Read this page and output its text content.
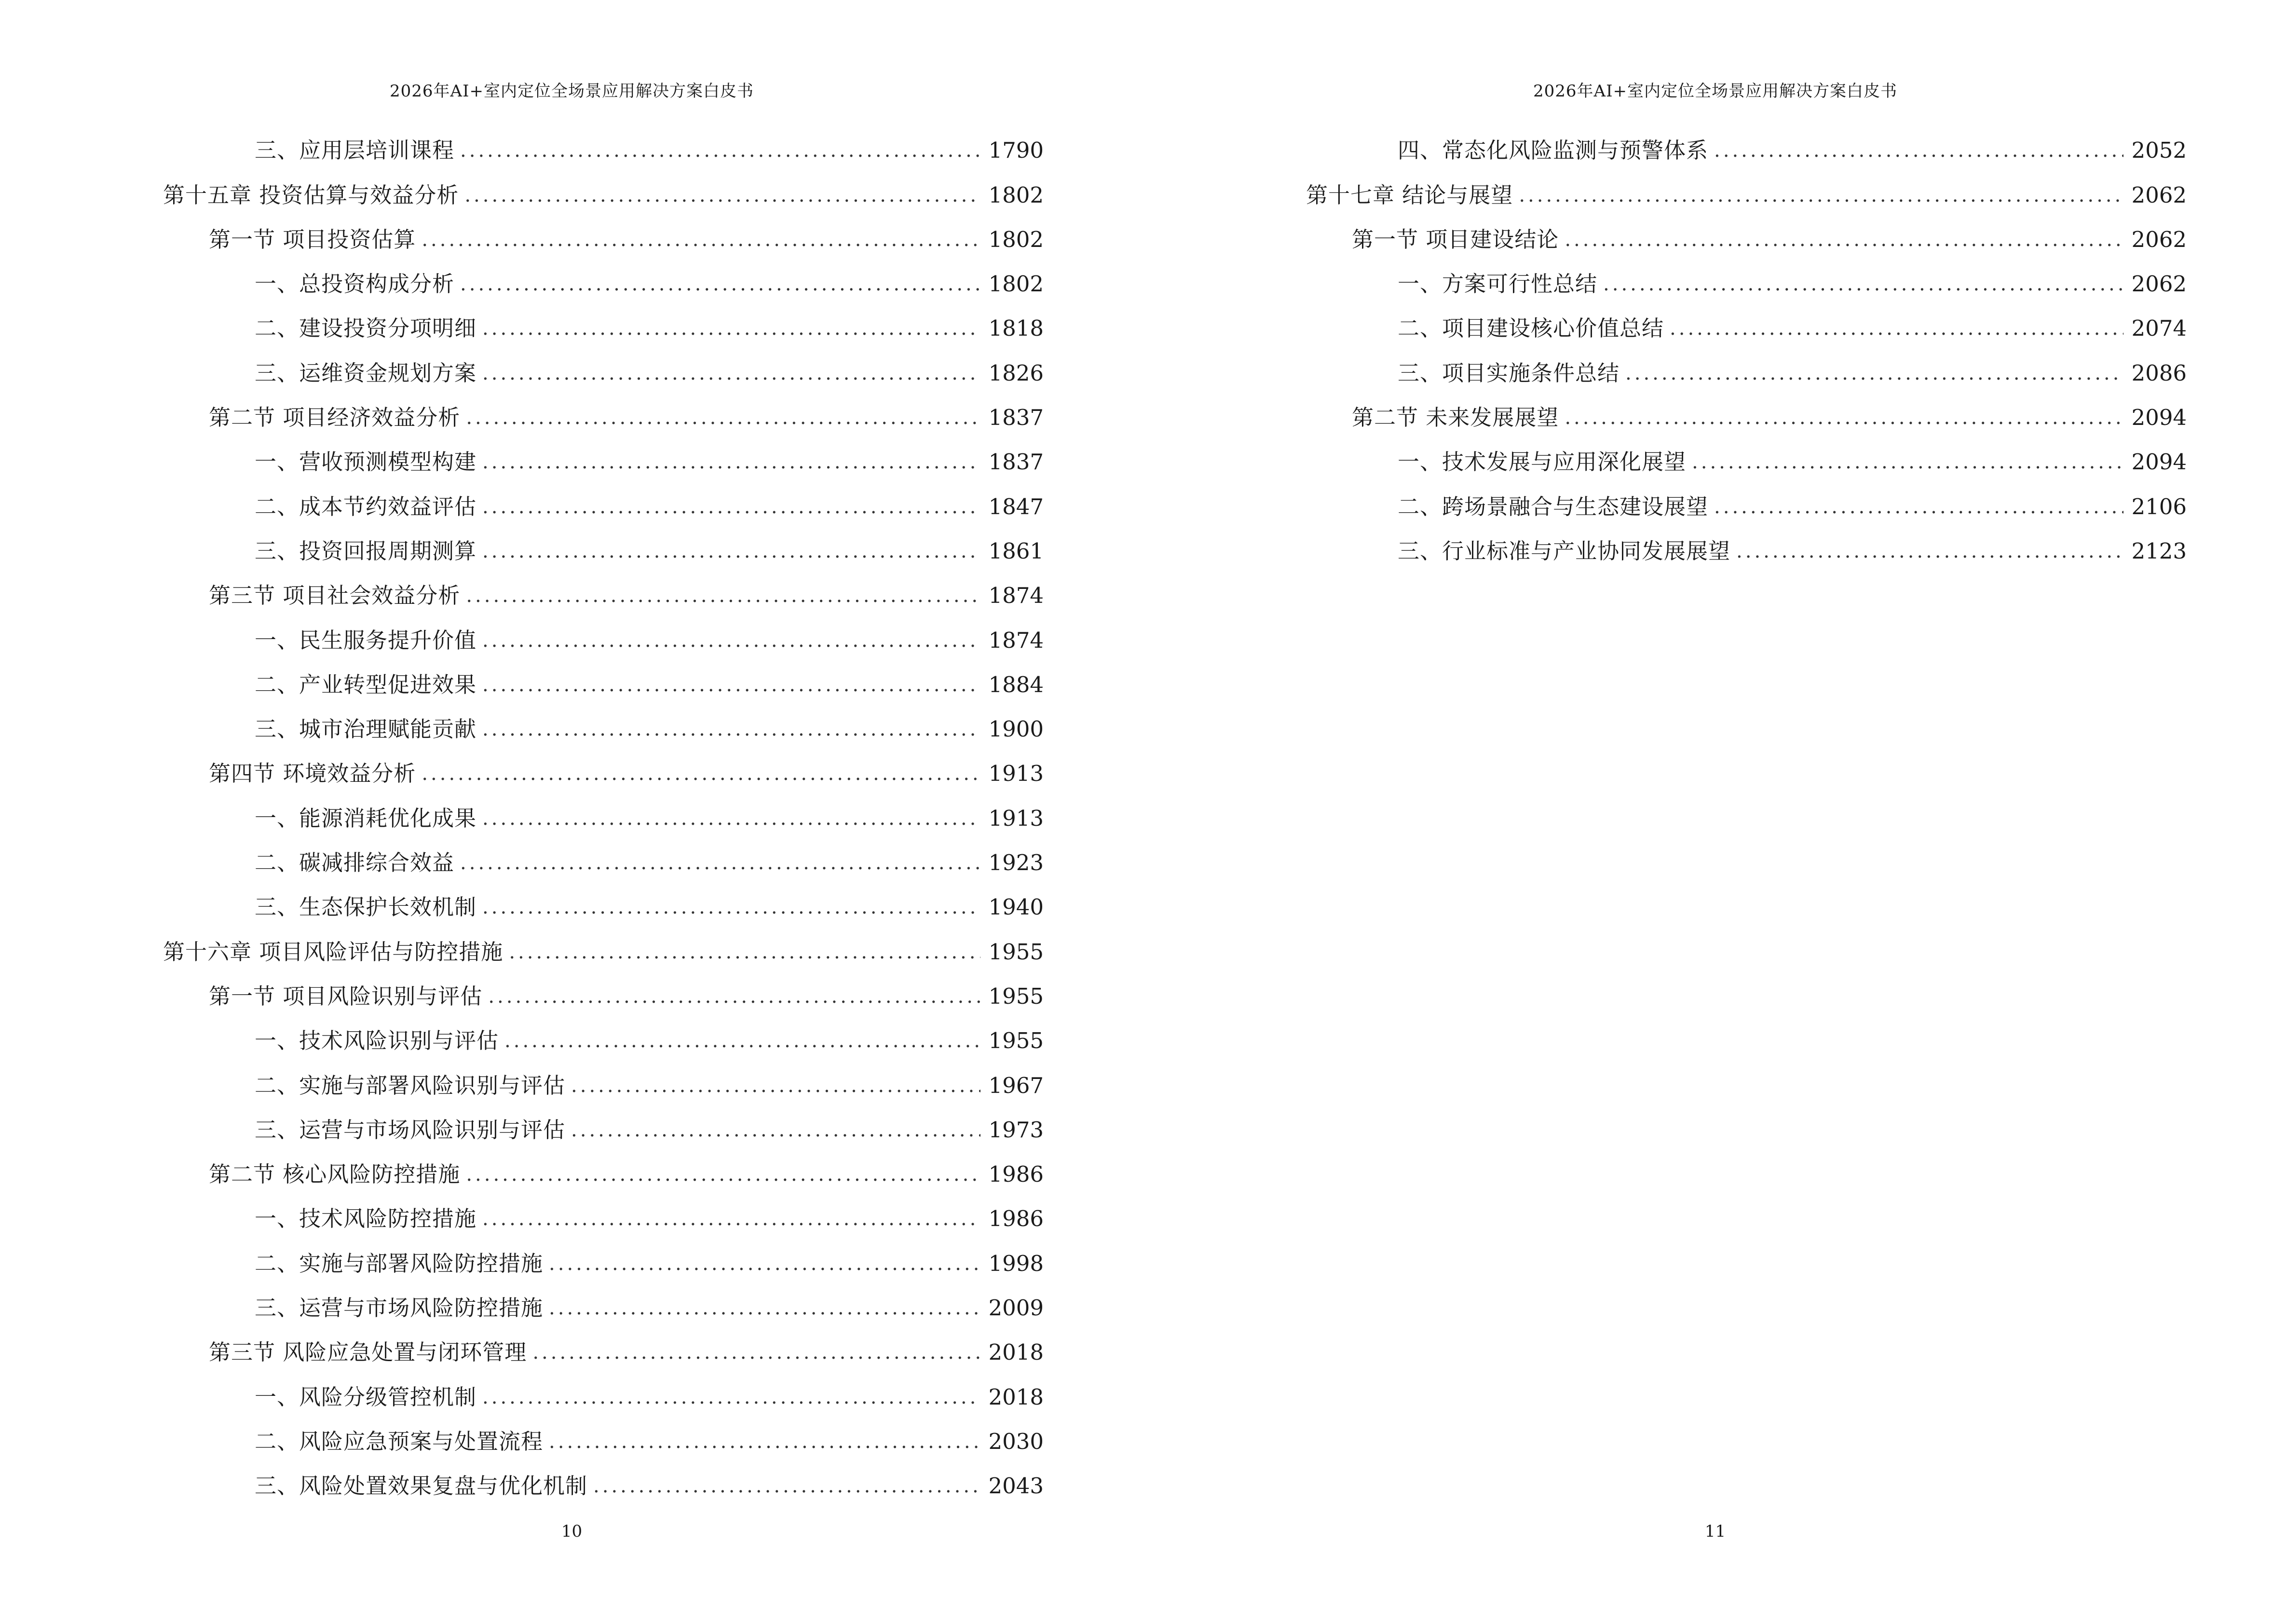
2026年AI+室内定位全场景应用解决方案白皮书
三、应用层培训课程 .....	1790
第十五章 投资估算与效益分析 .....	1802
第一节 项目投资估算 .....	1802
一、总投资构成分析 .....	1802
二、建设投资分项明细 .....	1818
三、运维资金规划方案 .....	1826
第二节 项目经济效益分析 .....	1837
一、营收预测模型构建 .....	1837
二、成本节约效益评估 .....	1847
三、投资回报周期测算 .....	1861
第三节 项目社会效益分析 .....	1874
一、民生服务提升价值 .....	1874
二、产业转型促进效果 .....	1884
三、城市治理赋能贡献 .....	1900
第四节 环境效益分析 .....	1913
一、能源消耗优化成果 .....	1913
二、碳减排综合效益 .....	1923
三、生态保护长效机制 .....	1940
第十六章 项目风险评估与防控措施 .....	1955
第一节 项目风险识别与评估 .....	1955
一、技术风险识别与评估 .....	1955
二、实施与部署风险识别与评估 .....	1967
三、运营与市场风险识别与评估 .....	1973
第二节 核心风险防控措施 .....	1986
一、技术风险防控措施 .....	1986
二、实施与部署风险防控措施 .....	1998
三、运营与市场风险防控措施 .....	2009
第三节 风险应急处置与闭环管理 .....	2018
一、风险分级管控机制 .....	2018
二、风险应急预案与处置流程 .....	2030
三、风险处置效果复盘与优化机制 .....	2043
10
2026年AI+室内定位全场景应用解决方案白皮书
四、常态化风险监测与预警体系 .....	2052
第十七章 结论与展望 .....	2062
第一节 项目建设结论 .....	2062
一、方案可行性总结 .....	2062
二、项目建设核心价值总结 .....	2074
三、项目实施条件总结 .....	2086
第二节 未来发展展望 .....	2094
一、技术发展与应用深化展望 .....	2094
二、跨场景融合与生态建设展望 .....	2106
三、行业标准与产业协同发展展望 .....	2123
11
